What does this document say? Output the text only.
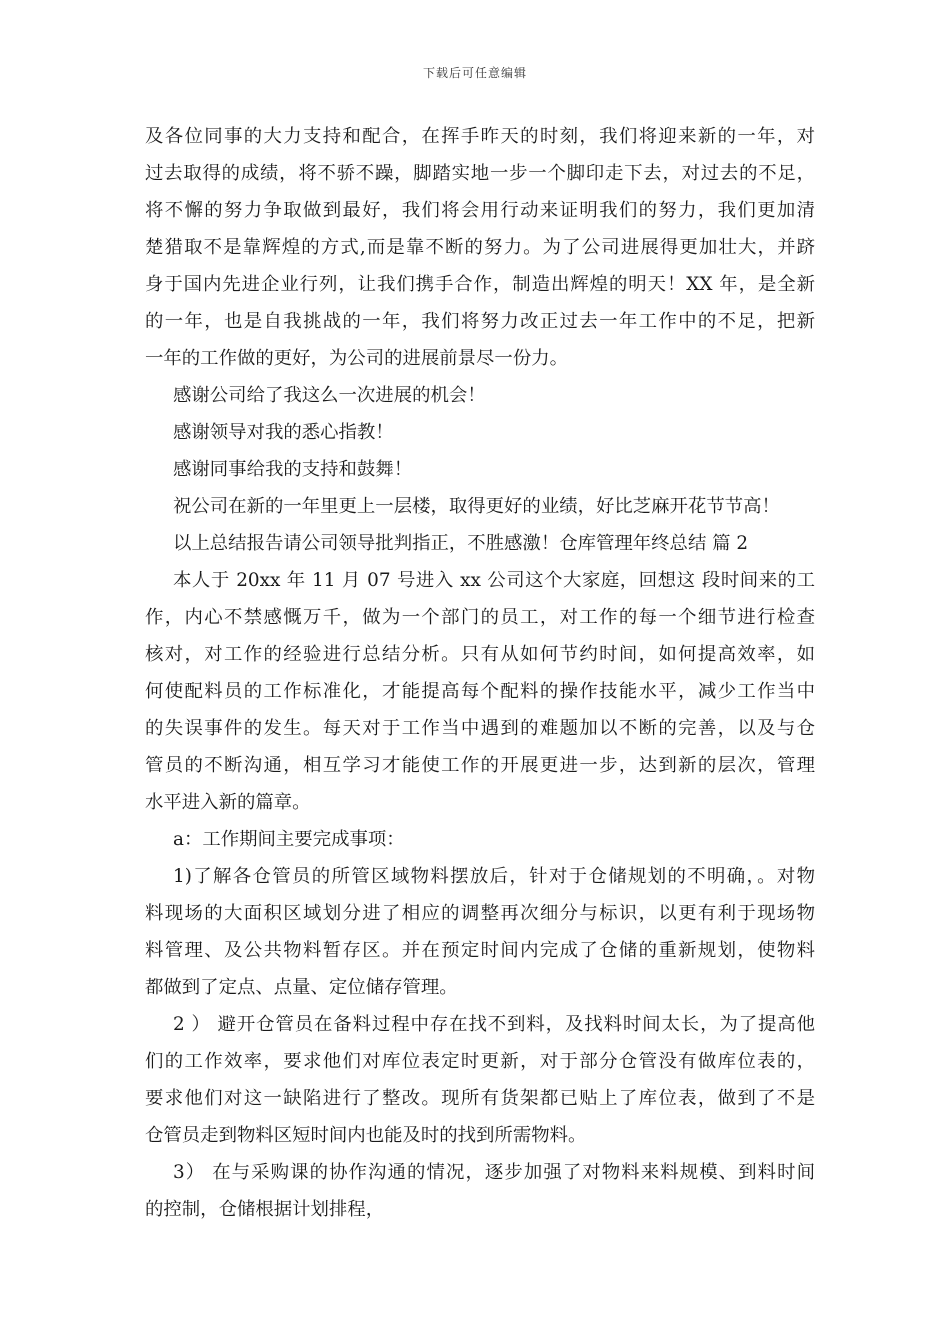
下载后可任意编辑
及各位同事的大力支持和配合，在挥手昨天的时刻，我们将迎来新的一年，对
过去取得的成绩，将不骄不躁，脚踏实地一步一个脚印走下去，对过去的不足，
将不懈的努力争取做到最好，我们将会用行动来证明我们的努力，我们更加清
楚猎取不是靠辉煌的方式,而是靠不断的努力。为了公司进展得更加壮大，并跻
身于国内先进企业行列，让我们携手合作，制造出辉煌的明天！XX 年，是全新
的一年，也是自我挑战的一年，我们将努力改正过去一年工作中的不足，把新
一年的工作做的更好，为公司的进展前景尽一份力。
感谢公司给了我这么一次进展的机会！
感谢领导对我的悉心指教！
感谢同事给我的支持和鼓舞！
祝公司在新的一年里更上一层楼，取得更好的业绩，好比芝麻开花节节高！
以上总结报告请公司领导批判指正，不胜感激！仓库管理年终总结 篇 2
本人于 20xx 年 11 月 07 号进入 xx 公司这个大家庭，回想这 段时间来的工
作，内心不禁感慨万千，做为一个部门的员工，对工作的每一个细节进行检查
核对，对工作的经验进行总结分析。只有从如何节约时间，如何提高效率，如
何使配料员的工作标准化，才能提高每个配料的操作技能水平，减少工作当中
的失误事件的发生。每天对于工作当中遇到的难题加以不断的完善，以及与仓
管员的不断沟通，相互学习才能使工作的开展更进一步，达到新的层次，管理
水平进入新的篇章。
a：工作期间主要完成事项：
1)了解各仓管员的所管区域物料摆放后，针对于仓储规划的不明确，。对物
料现场的大面积区域划分进了相应的调整再次细分与标识，以更有利于现场物
料管理、及公共物料暂存区。并在预定时间内完成了仓储的重新规划，使物料
都做到了定点、点量、定位储存管理。
2 ） 避开仓管员在备料过程中存在找不到料，及找料时间太长，为了提高他
们的工作效率，要求他们对库位表定时更新，对于部分仓管没有做库位表的，
要求他们对这一缺陷进行了整改。现所有货架都已贴上了库位表，做到了不是
仓管员走到物料区短时间内也能及时的找到所需物料。
3） 在与采购课的协作沟通的情况，逐步加强了对物料来料规模、到料时间
的控制，仓储根据计划排程，
